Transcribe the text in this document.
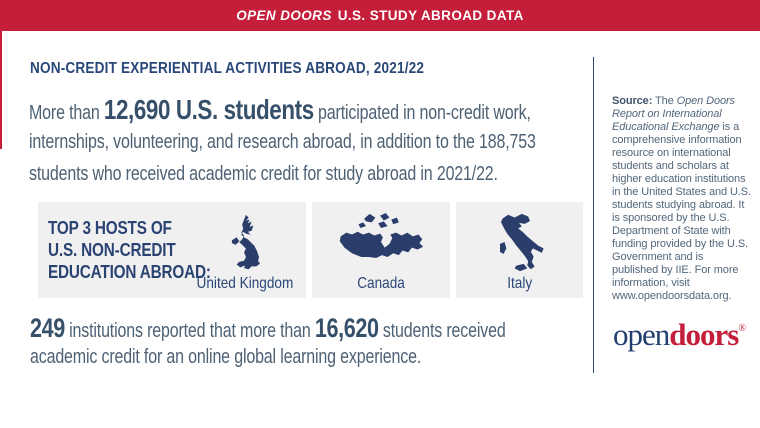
OPEN DOORS U.S. STUDY ABROAD DATA
NON-CREDIT EXPERIENTIAL ACTIVITIES ABROAD, 2021/22
More than 12,690 U.S. students participated in non-credit work,
internships, volunteering, and research abroad, in addition to the 188,753
students who received academic credit for study abroad in 2021/22.
TOP 3 HOSTS OF
U.S. NON-CREDIT
EDUCATION ABROAD:
United Kingdom	Canada	Italy
249 institutions reported that more than 16,620 students received
academic credit for an online global learning experience.

Source: The Open Doors Report on International Educational Exchange is a comprehensive information resource on international students and scholars at higher education institutions in the United States and U.S. students studying abroad. It is sponsored by the U.S. Department of State with funding provided by the U.S. Government and is published by IIE. For more information, visit www.opendoorsdata.org.

opendoors®
